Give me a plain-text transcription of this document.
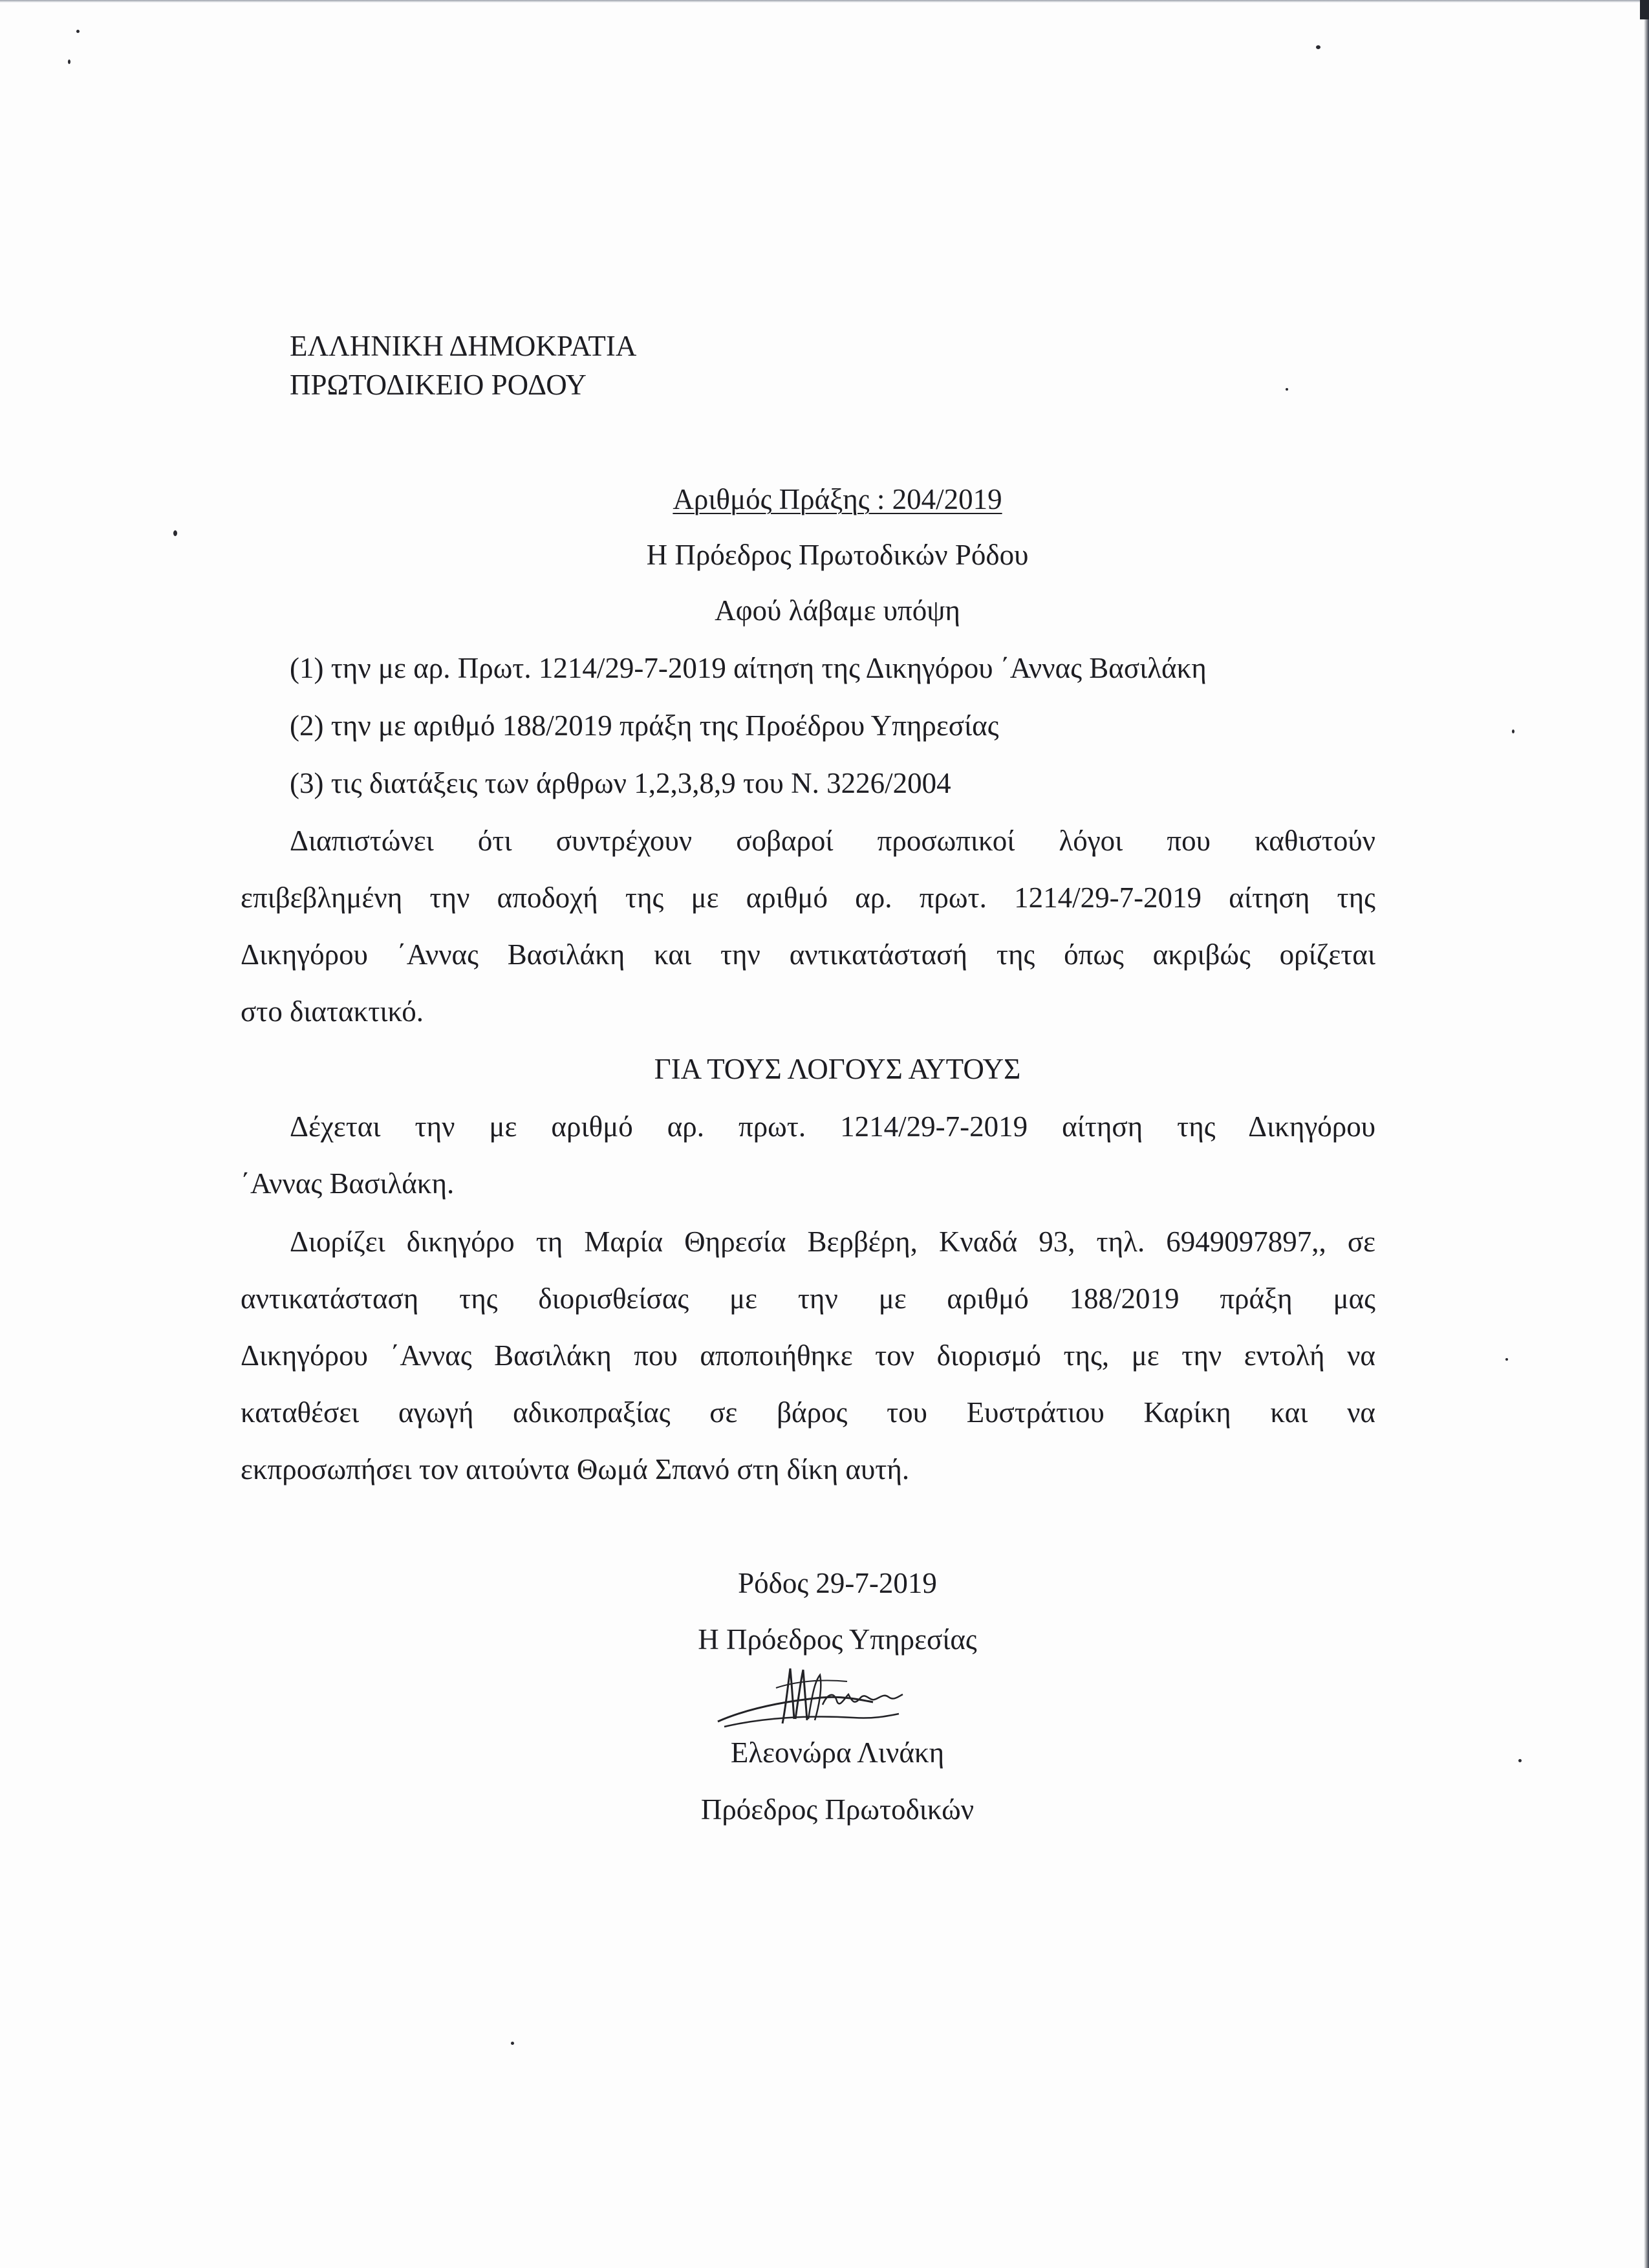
ΕΛΛΗΝΙΚΗ ΔΗΜΟΚΡΑΤΙΑ

ΠΡΩΤΟΔΙΚΕΙΟ ΡΟΔΟΥ

Αριθμός Πράξης : 204/2019

Η Πρόεδρος Πρωτοδικών Ρόδου

Αφού λάβαμε υπόψη

(1) την με αρ. Πρωτ. 1214/29-7-2019 αίτηση της Δικηγόρου ΄Αννας Βασιλάκη

(2) την με αριθμό 188/2019 πράξη της Προέδρου Υπηρεσίας

(3) τις διατάξεις των άρθρων 1,2,3,8,9 του Ν. 3226/2004

Διαπιστώνει ότι συντρέχουν σοβαροί προσωπικοί λόγοι που καθιστούν

επιβεβλημένη την αποδοχή της με αριθμό αρ. πρωτ. 1214/29-7-2019 αίτηση της

Δικηγόρου ΄Αννας Βασιλάκη και την αντικατάστασή της όπως ακριβώς ορίζεται

στο διατακτικό.

ΓΙΑ ΤΟΥΣ ΛΟΓΟΥΣ ΑΥΤΟΥΣ

Δέχεται την με αριθμό αρ. πρωτ. 1214/29-7-2019 αίτηση της Δικηγόρου

΄Αννας Βασιλάκη.

Διορίζει δικηγόρο τη Μαρία Θηρεσία Βερβέρη, Κναδά 93, τηλ. 6949097897,, σε

αντικατάσταση της διορισθείσας με την με αριθμό 188/2019 πράξη μας

Δικηγόρου ΄Αννας Βασιλάκη που αποποιήθηκε τον διορισμό της, με την εντολή να

καταθέσει αγωγή αδικοπραξίας σε βάρος του Ευστράτιου Καρίκη και να

εκπροσωπήσει τον αιτούντα Θωμά Σπανό στη δίκη αυτή.

Ρόδος 29-7-2019

Η Πρόεδρος Υπηρεσίας

Ελεονώρα Λινάκη

Πρόεδρος Πρωτοδικών
